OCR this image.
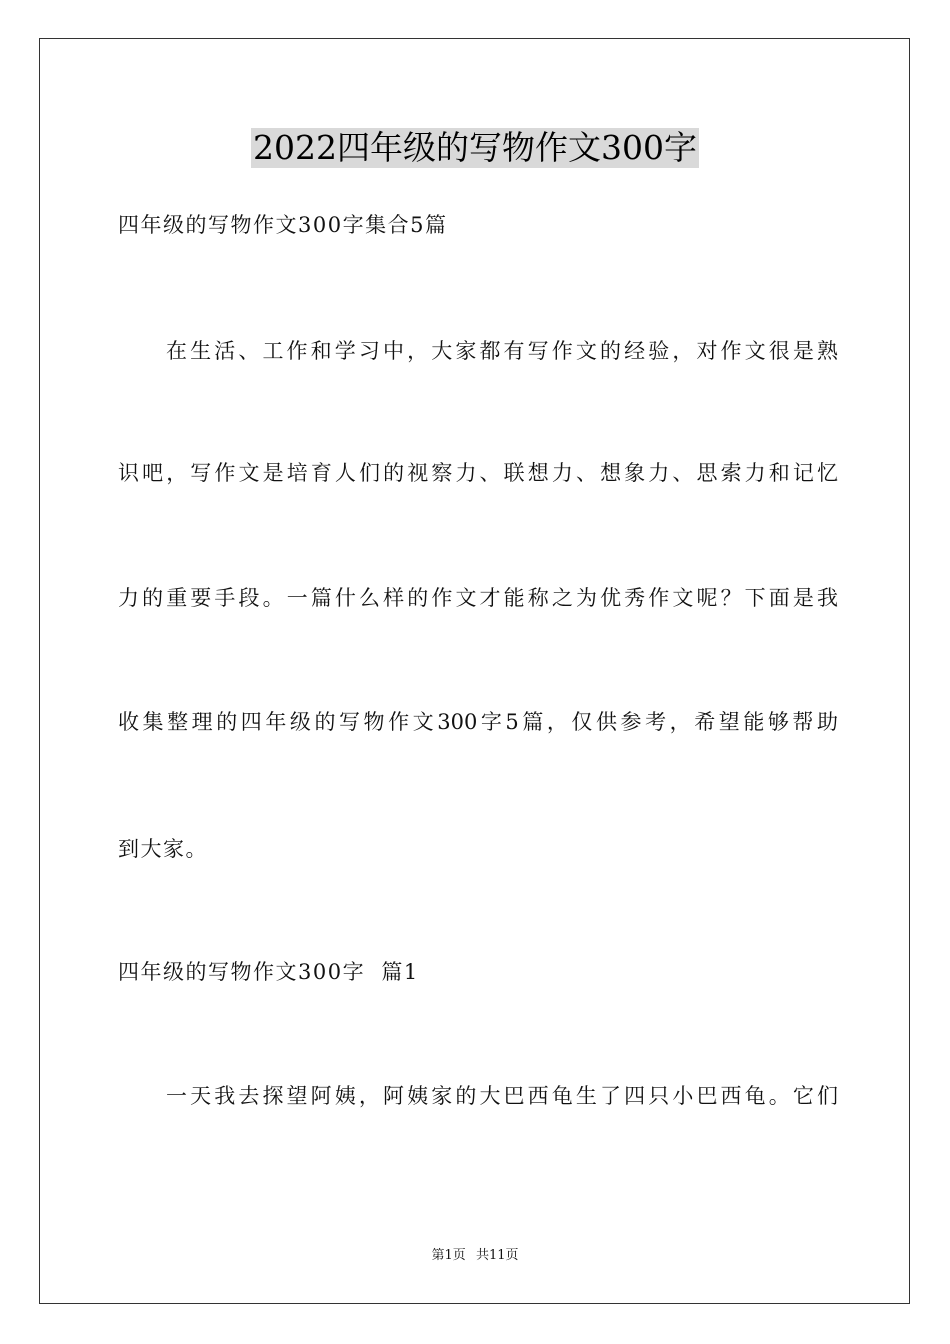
2022四年级的写物作文300字
四年级的写物作文300字集合5篇
在生活、工作和学习中，大家都有写作文的经验，对作文很是熟
识吧，写作文是培育人们的视察力、联想力、想象力、思索力和记忆
力的重要手段。一篇什么样的作文才能称之为优秀作文呢？下面是我
收集整理的四年级的写物作文300字5篇，仅供参考，希望能够帮助
到大家。
四年级的写物作文300字  篇1
一天我去探望阿姨，阿姨家的大巴西龟生了四只小巴西龟。它们
第1页 共11页
